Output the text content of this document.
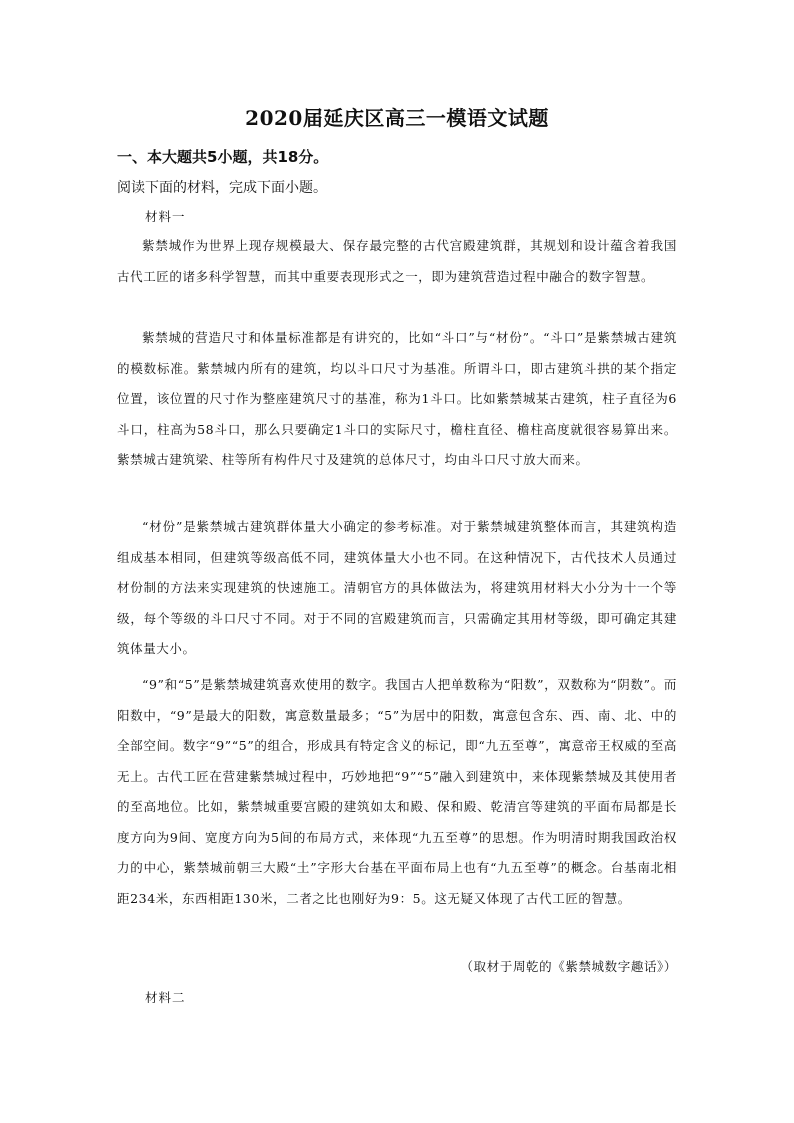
2020届延庆区高三一模语文试题
一、本大题共5小题，共18分。
阅读下面的材料，完成下面小题。
材料一
紫禁城作为世界上现存规模最大、保存最完整的古代宫殿建筑群，其规划和设计蕴含着我国古代工匠的诸多科学智慧，而其中重要表现形式之一，即为建筑营造过程中融合的数字智慧。
紫禁城的营造尺寸和体量标准都是有讲究的，比如“斗口”与“材份”。“斗口”是紫禁城古建筑的模数标准。紫禁城内所有的建筑，均以斗口尺寸为基准。所谓斗口，即古建筑斗拱的某个指定位置，该位置的尺寸作为整座建筑尺寸的基准，称为1斗口。比如紫禁城某古建筑，柱子直径为6斗口，柱高为58斗口，那么只要确定1斗口的实际尺寸，檐柱直径、檐柱高度就很容易算出来。紫禁城古建筑梁、柱等所有构件尺寸及建筑的总体尺寸，均由斗口尺寸放大而来。
“材份”是紫禁城古建筑群体量大小确定的参考标准。对于紫禁城建筑整体而言，其建筑构造组成基本相同，但建筑等级高低不同，建筑体量大小也不同。在这种情况下，古代技术人员通过材份制的方法来实现建筑的快速施工。清朝官方的具体做法为，将建筑用材料大小分为十一个等级，每个等级的斗口尺寸不同。对于不同的宫殿建筑而言，只需确定其用材等级，即可确定其建筑体量大小。
“9”和“5”是紫禁城建筑喜欢使用的数字。我国古人把单数称为“阳数”，双数称为“阴数”。而阳数中，“9”是最大的阳数，寓意数量最多；“5”为居中的阳数，寓意包含东、西、南、北、中的全部空间。数字“9”“5”的组合，形成具有特定含义的标记，即“九五至尊”，寓意帝王权威的至高无上。古代工匠在营建紫禁城过程中，巧妙地把“9”“5”融入到建筑中，来体现紫禁城及其使用者的至高地位。比如，紫禁城重要宫殿的建筑如太和殿、保和殿、乾清宫等建筑的平面布局都是长度方向为9间、宽度方向为5间的布局方式，来体现“九五至尊”的思想。作为明清时期我国政治权力的中心，紫禁城前朝三大殿“土”字形大台基在平面布局上也有“九五至尊”的概念。台基南北相距234米，东西相距130米，二者之比也刚好为9：5。这无疑又体现了古代工匠的智慧。
（取材于周乾的《紫禁城数字趣话》）
材料二
